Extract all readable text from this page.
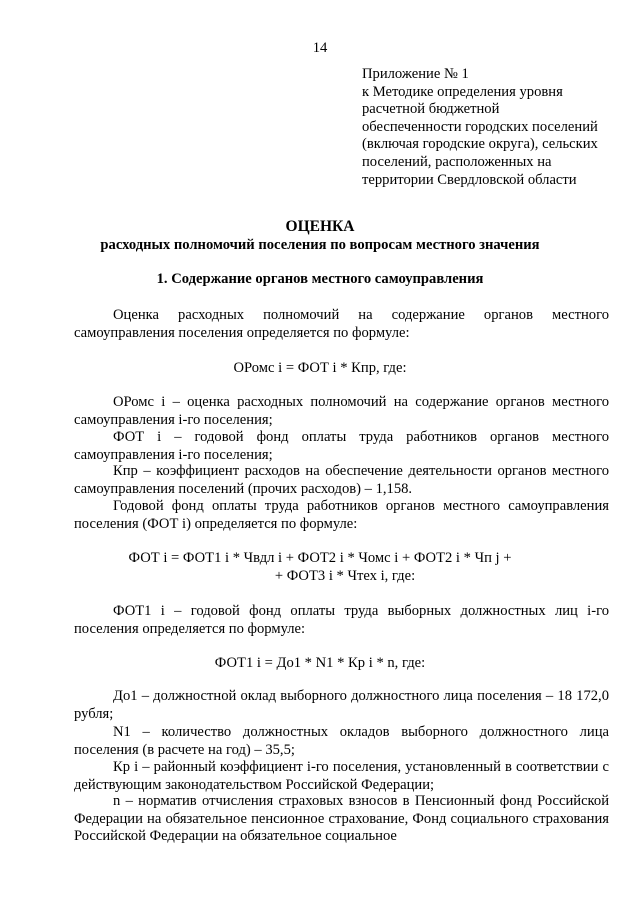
14
Приложение № 1
к Методике определения уровня
расчетной бюджетной
обеспеченности городских поселений
(включая городские округа), сельских
поселений, расположенных на
территории Свердловской области
ОЦЕНКА
расходных полномочий поселения по вопросам местного значения
1. Содержание органов местного самоуправления
Оценка расходных полномочий на содержание органов местного самоуправления поселения определяется по формуле:
ОРомс i = ФОТ i * Кпр, где:
ОРомс i – оценка расходных полномочий на содержание органов местного самоуправления i-го поселения;
ФОТ i – годовой фонд оплаты труда работников органов местного самоуправления i-го поселения;
Кпр – коэффициент расходов на обеспечение деятельности органов местного самоуправления поселений (прочих расходов) – 1,158.
Годовой фонд оплаты труда работников органов местного самоуправления поселения (ФОТ i) определяется по формуле:
ФОТ i = ФОТ1 i * Чвдл i + ФОТ2 i * Чомс i + ФОТ2 i * Чп j +
+ ФОТ3 i * Чтех i, где:
ФОТ1 i – годовой фонд оплаты труда выборных должностных лиц i-го поселения определяется по формуле:
ФОТ1 i = До1 * N1 * Кр i * n, где:
До1 – должностной оклад выборного должностного лица поселения – 18 172,0 рубля;
N1 – количество должностных окладов выборного должностного лица поселения (в расчете на год) – 35,5;
Кр i – районный коэффициент i-го поселения, установленный в соответствии с действующим законодательством Российской Федерации;
n – норматив отчисления страховых взносов в Пенсионный фонд Российской Федерации на обязательное пенсионное страхование, Фонд социального страхования Российской Федерации на обязательное социальное
